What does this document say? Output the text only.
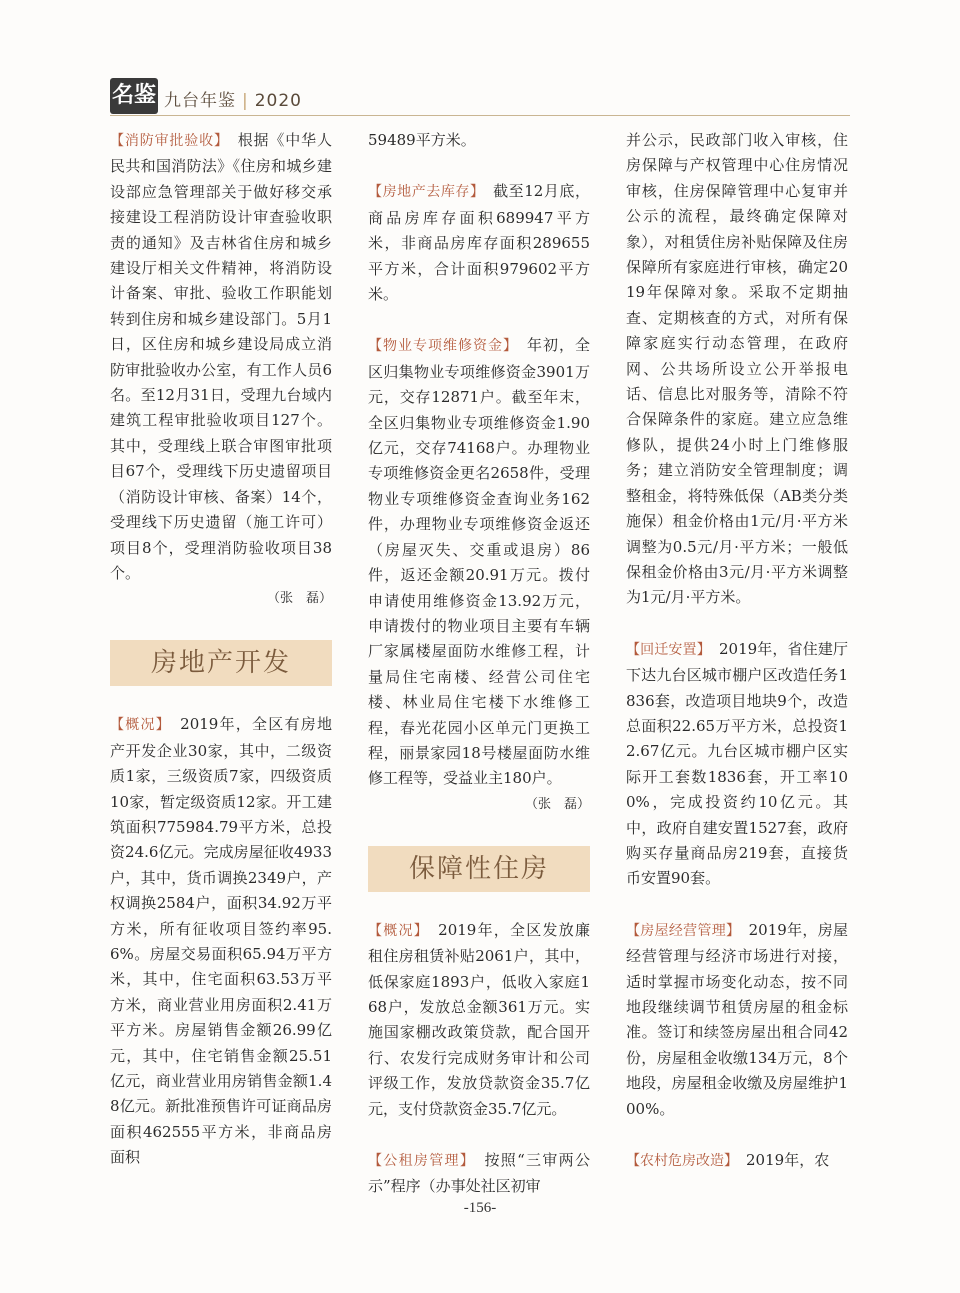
名鉴 九台年鉴 | 2020

【消防审批验收】　 根据《中华人民共和国消防法》《住房和城乡建设部应急管理部关于做好移交承接建设工程消防设计审查验收职责的通知》及吉林省住房和城乡建设厅相关文件精神，将消防设计备案、审批、验收工作职能划转到住房和城乡建设部门。5月1日，区住房和城乡建设局成立消防审批验收办公室，有工作人员6名。至12月31日，受理九台域内建筑工程审批验收项目127个。其中，受理线上联合审图审批项目67个，受理线下历史遗留项目（消防设计审核、备案）14个，受理线下历史遗留（施工许可）项目8个，受理消防验收项目38个。

（张　磊）

房地产开发

【概况】　 2019年，全区有房地产开发企业30家，其中，二级资质1家，三级资质7家，四级资质10家，暂定级资质12家。开工建筑面积775984.79平方米，总投资24.6亿元。完成房屋征收4933户，其中，货币调换2349户，产权调换2584户，面积34.92万平方米，所有征收项目签约率95.6%。房屋交易面积65.94万平方米，其中，住宅面积63.53万平方米，商业营业用房面积2.41万平方米。房屋销售金额26.99亿元，其中，住宅销售金额25.51亿元，商业营业用房销售金额1.48亿元。新批准预售许可证商品房面积462555平方米，非商品房面积

59489平方米。

【房地产去库存】　 截至12月底，商品房库存面积689947平方米，非商品房库存面积289655平方米，合计面积979602平方米。

【物业专项维修资金】　 年初，全区归集物业专项维修资金3901万元，交存12871户。截至年末，全区归集物业专项维修资金1.90亿元，交存74168户。办理物业专项维修资金更名2658件，受理物业专项维修资金查询业务162件，办理物业专项维修资金返还（房屋灭失、交重或退房）86件，返还金额20.91万元。拨付申请使用维修资金13.92万元，申请拨付的物业项目主要有车辆厂家属楼屋面防水维修工程，计量局住宅南楼、经营公司住宅楼、林业局住宅楼下水维修工程，春光花园小区单元门更换工程，丽景家园18号楼屋面防水维修工程等，受益业主180户。

（张　磊）

保障性住房

【概况】　 2019年，全区发放廉租住房租赁补贴2061户，其中，低保家庭1893户，低收入家庭168户，发放总金额361万元。实施国家棚改政策贷款，配合国开行、农发行完成财务审计和公司评级工作，发放贷款资金35.7亿元，支付贷款资金35.7亿元。

【公租房管理】　 按照“三审两公示”程序（办事处社区初审

并公示，民政部门收入审核，住房保障与产权管理中心住房情况审核，住房保障管理中心复审并公示的流程，最终确定保障对象），对租赁住房补贴保障及住房保障所有家庭进行审核，确定2019年保障对象。采取不定期抽查、定期核查的方式，对所有保障家庭实行动态管理，在政府网、公共场所设立公开举报电话、信息比对服务等，清除不符合保障条件的家庭。建立应急维修队，提供24小时上门维修服务；建立消防安全管理制度；调整租金，将特殊低保（AB类分类施保）租金价格由1元/月·平方米调整为0.5元/月·平方米；一般低保租金价格由3元/月·平方米调整为1元/月·平方米。

【回迁安置】　 2019年，省住建厅下达九台区城市棚户区改造任务1836套，改造项目地块9个，改造总面积22.65万平方米，总投资12.67亿元。九台区城市棚户区实际开工套数1836套，开工率100%，完成投资约10亿元。其中，政府自建安置1527套，政府购买存量商品房219套，直接货币安置90套。

【房屋经营管理】　 2019年，房屋经营管理与经济市场进行对接，适时掌握市场变化动态，按不同地段继续调节租赁房屋的租金标准。签订和续签房屋出租合同42份，房屋租金收缴134万元，8个地段，房屋租金收缴及房屋维护100%。

【农村危房改造】　 2019年，农

-156-
